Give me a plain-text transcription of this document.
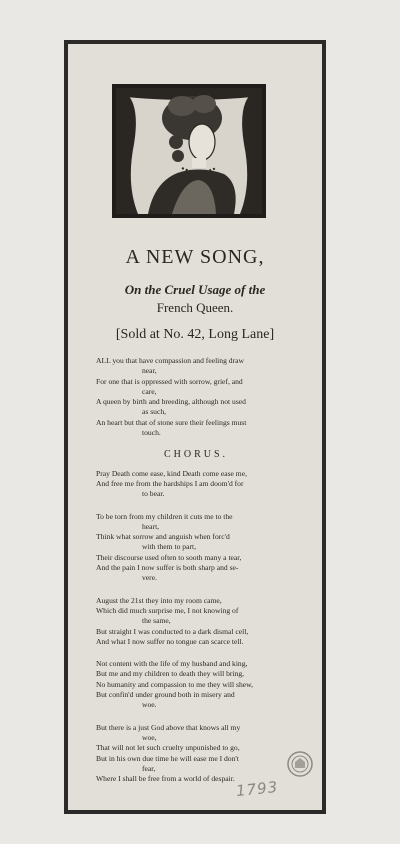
A NEW SONG,
On the Cruel Usage of the
French Queen.
[Sold at No. 42, Long Lane]
ALL you that have compassion and feeling draw
near,
For one that is oppressed with sorrow, grief, and
care,
A queen by birth and breeding, although not used
as such,
An heart but that of stone sure their feelings must
touch.
CHORUS.
Pray Death come ease, kind Death come ease me,
And free me from the hardships I am doom'd for
to bear.
To be torn from my children it cuts me to the
heart,
Think what sorrow and anguish when forc'd
with them to part,
Their discourse used often to sooth many a tear,
And the pain I now suffer is both sharp and se-
vere.
August the 21st they into my room came,
Which did much surprise me, I not knowing of
the same,
But straight I was conducted to a dark dismal cell,
And what I now suffer no tongue can scarce tell.
Not content with the life of my husband and king,
But me and my children to death they will bring,
No humanity and compassion to me they will shew,
But confin'd under ground both in misery and
woe.
But there is a just God above that knows all my
woe,
That will not let such cruelty unpunished to go,
But in his own due time he will ease me I don't
fear,
Where I shall be free from a world of despair. 1793
